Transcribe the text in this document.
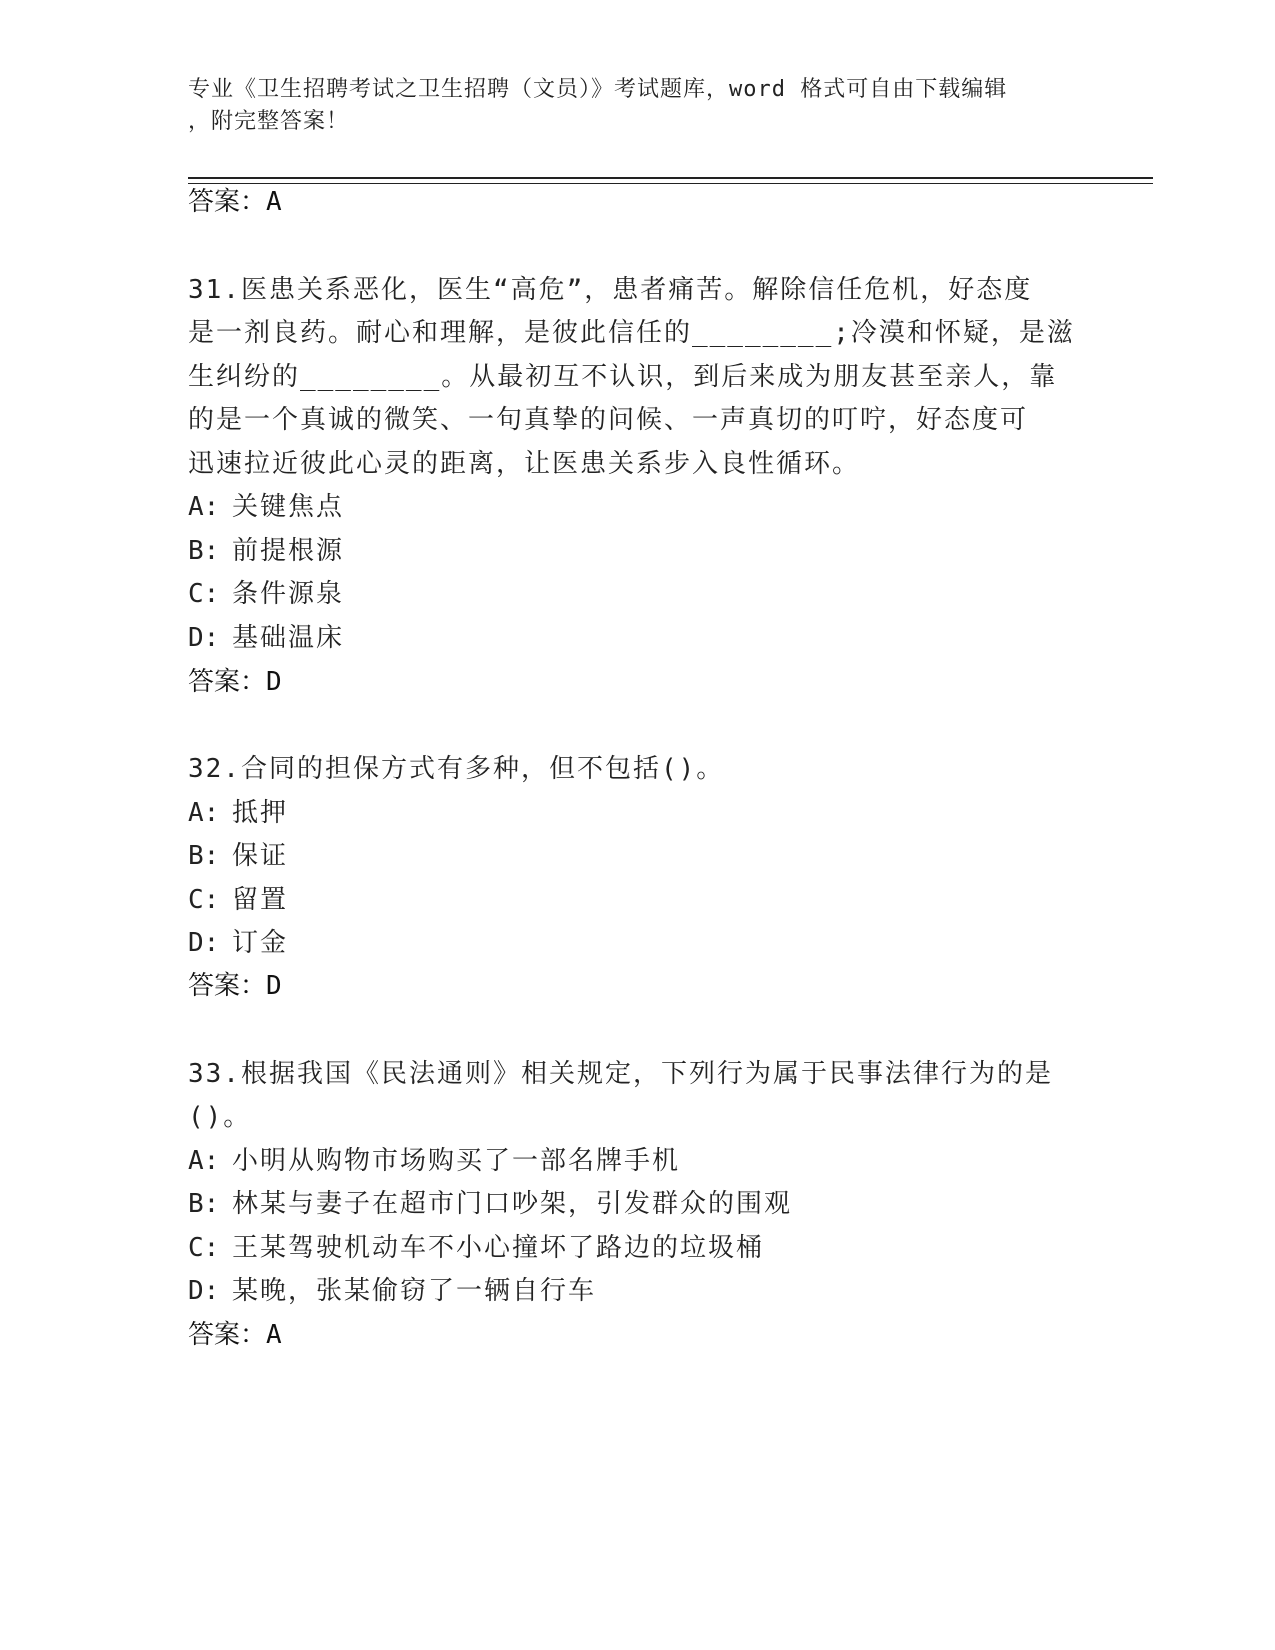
专业《卫生招聘考试之卫生招聘（文员）》考试题库，word 格式可自由下载编辑
，附完整答案！
答案：A
31.医患关系恶化，医生“高危”，患者痛苦。解除信任危机，好态度
是一剂良药。耐心和理解，是彼此信任的________;冷漠和怀疑，是滋
生纠纷的________。从最初互不认识，到后来成为朋友甚至亲人，靠
的是一个真诚的微笑、一句真挚的问候、一声真切的叮咛，好态度可
迅速拉近彼此心灵的距离，让医患关系步入良性循环。
A: 关键焦点
B: 前提根源
C: 条件源泉
D: 基础温床
答案：D
32.合同的担保方式有多种，但不包括()。
A: 抵押
B: 保证
C: 留置
D: 订金
答案：D
33.根据我国《民法通则》相关规定，下列行为属于民事法律行为的是
()。
A: 小明从购物市场购买了一部名牌手机
B: 林某与妻子在超市门口吵架，引发群众的围观
C: 王某驾驶机动车不小心撞坏了路边的垃圾桶
D: 某晚，张某偷窃了一辆自行车
答案：A
